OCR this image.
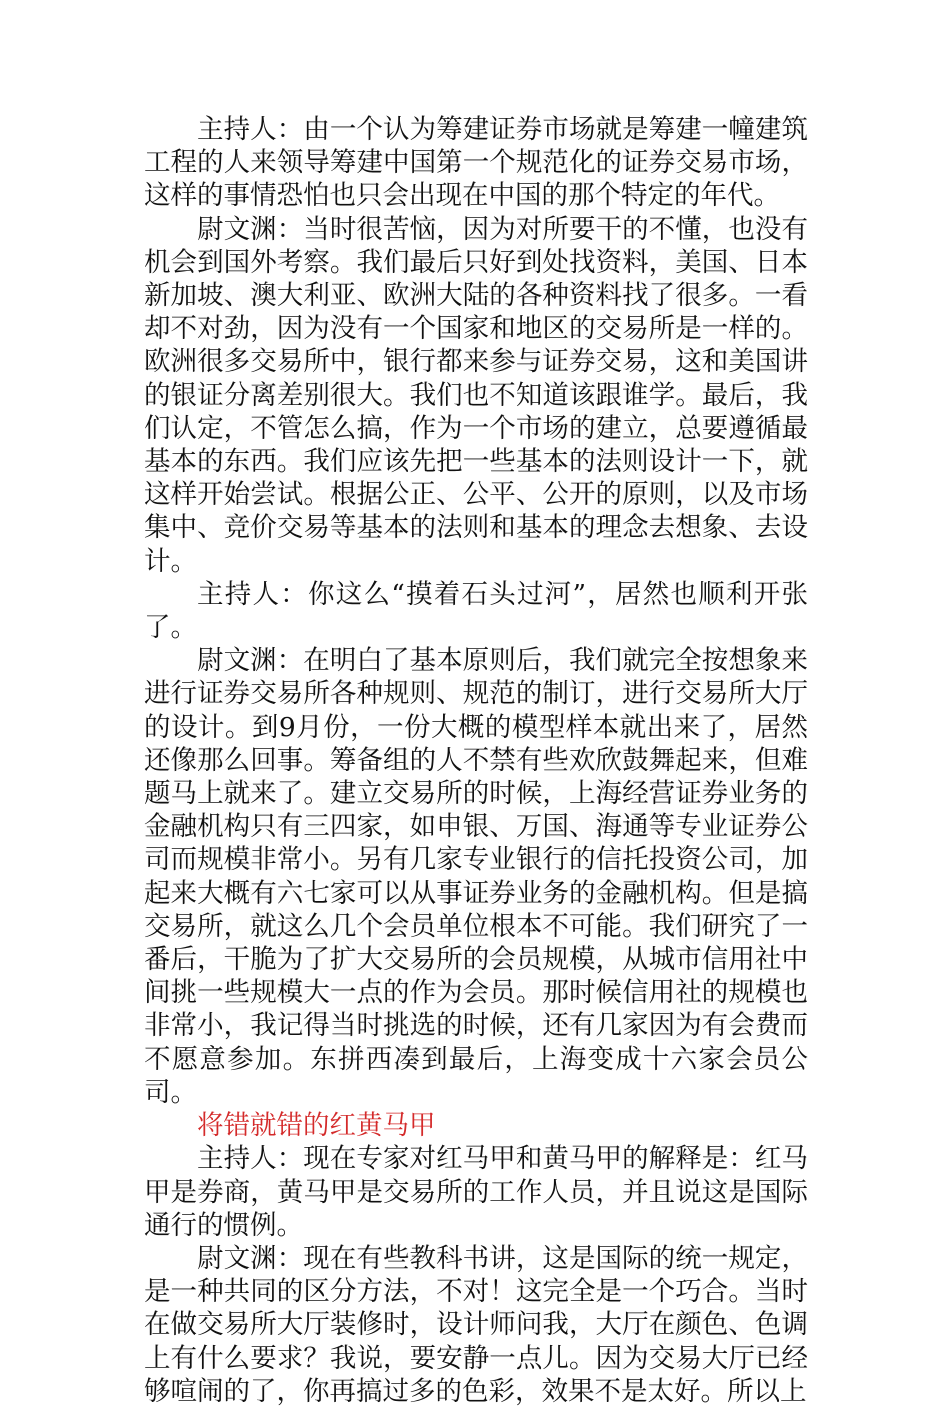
主持人：由一个认为筹建证券市场就是筹建一幢建筑工程的人来领导筹建中国第一个规范化的证券交易市场，这样的事情恐怕也只会出现在中国的那个特定的年代。

尉文渊：当时很苦恼，因为对所要干的不懂，也没有机会到国外考察。我们最后只好到处找资料，美国、日本新加坡、澳大利亚、欧洲大陆的各种资料找了很多。一看却不对劲，因为没有一个国家和地区的交易所是一样的。欧洲很多交易所中，银行都来参与证券交易，这和美国讲的银证分离差别很大。我们也不知道该跟谁学。最后，我们认定，不管怎么搞，作为一个市场的建立，总要遵循最基本的东西。我们应该先把一些基本的法则设计一下，就这样开始尝试。根据公正、公平、公开的原则，以及市场集中、竞价交易等基本的法则和基本的理念去想象、去设计。

主持人：你这么“摸着石头过河”，居然也顺利开张了。

尉文渊：在明白了基本原则后，我们就完全按想象来进行证券交易所各种规则、规范的制订，进行交易所大厅的设计。到9月份，一份大概的模型样本就出来了，居然还像那么回事。筹备组的人不禁有些欢欣鼓舞起来，但难题马上就来了。建立交易所的时候，上海经营证券业务的金融机构只有三四家，如申银、万国、海通等专业证券公司而规模非常小。另有几家专业银行的信托投资公司，加起来大概有六七家可以从事证券业务的金融机构。但是搞交易所，就这么几个会员单位根本不可能。我们研究了一番后，干脆为了扩大交易所的会员规模，从城市信用社中间挑一些规模大一点的作为会员。那时候信用社的规模也非常小，我记得当时挑选的时候，还有几家因为有会费而不愿意参加。东拼西凑到最后，上海变成十六家会员公司。

将错就错的红黄马甲

主持人：现在专家对红马甲和黄马甲的解释是：红马甲是券商，黄马甲是交易所的工作人员，并且说这是国际通行的惯例。

尉文渊：现在有些教科书讲，这是国际的统一规定，是一种共同的区分方法，不对！这完全是一个巧合。当时在做交易所大厅装修时，设计师问我，大厅在颜色、色调上有什么要求？我说，要安静一点儿。因为交易大厅已经够喧闹的了，你再搞过多的色彩，效果不是太好。所以上
